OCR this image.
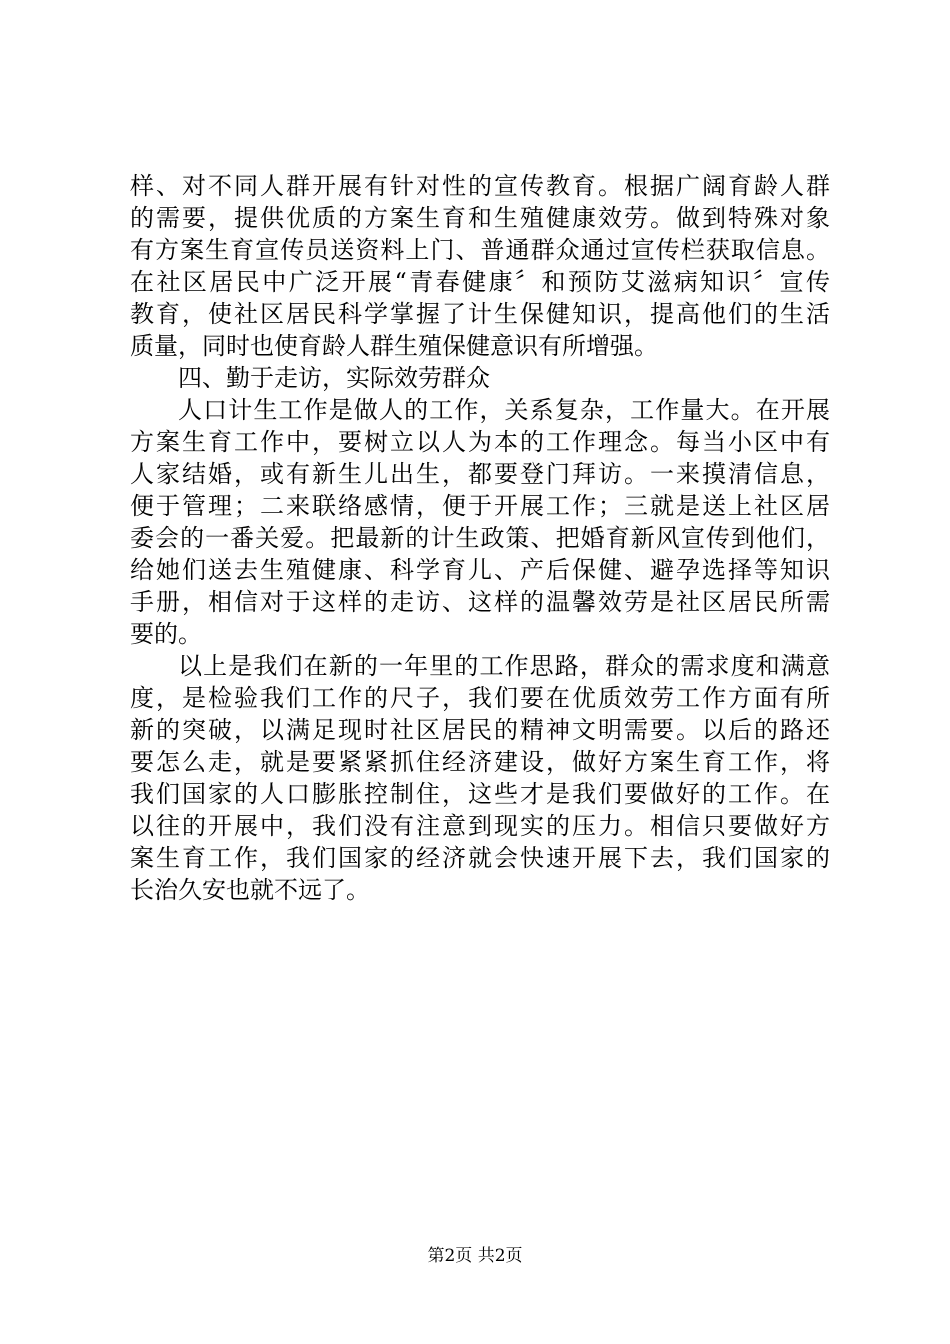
样、对不同人群开展有针对性的宣传教育。根据广阔育龄人群
的需要，提供优质的方案生育和生殖健康效劳。做到特殊对象
有方案生育宣传员送资料上门、普通群众通过宣传栏获取信息。
在社区居民中广泛开展“青春健康〞和预防艾滋病知识〞宣传
教育，使社区居民科学掌握了计生保健知识，提高他们的生活
质量，同时也使育龄人群生殖保健意识有所增强。
四、勤于走访，实际效劳群众
人口计生工作是做人的工作，关系复杂，工作量大。在开展
方案生育工作中，要树立以人为本的工作理念。每当小区中有
人家结婚，或有新生儿出生，都要登门拜访。一来摸清信息，
便于管理；二来联络感情，便于开展工作；三就是送上社区居
委会的一番关爱。把最新的计生政策、把婚育新风宣传到他们，
给她们送去生殖健康、科学育儿、产后保健、避孕选择等知识
手册，相信对于这样的走访、这样的温馨效劳是社区居民所需
要的。
以上是我们在新的一年里的工作思路，群众的需求度和满意
度，是检验我们工作的尺子，我们要在优质效劳工作方面有所
新的突破，以满足现时社区居民的精神文明需要。以后的路还
要怎么走，就是要紧紧抓住经济建设，做好方案生育工作，将
我们国家的人口膨胀控制住，这些才是我们要做好的工作。在
以往的开展中，我们没有注意到现实的压力。相信只要做好方
案生育工作，我们国家的经济就会快速开展下去，我们国家的
长治久安也就不远了。
第2页 共2页
